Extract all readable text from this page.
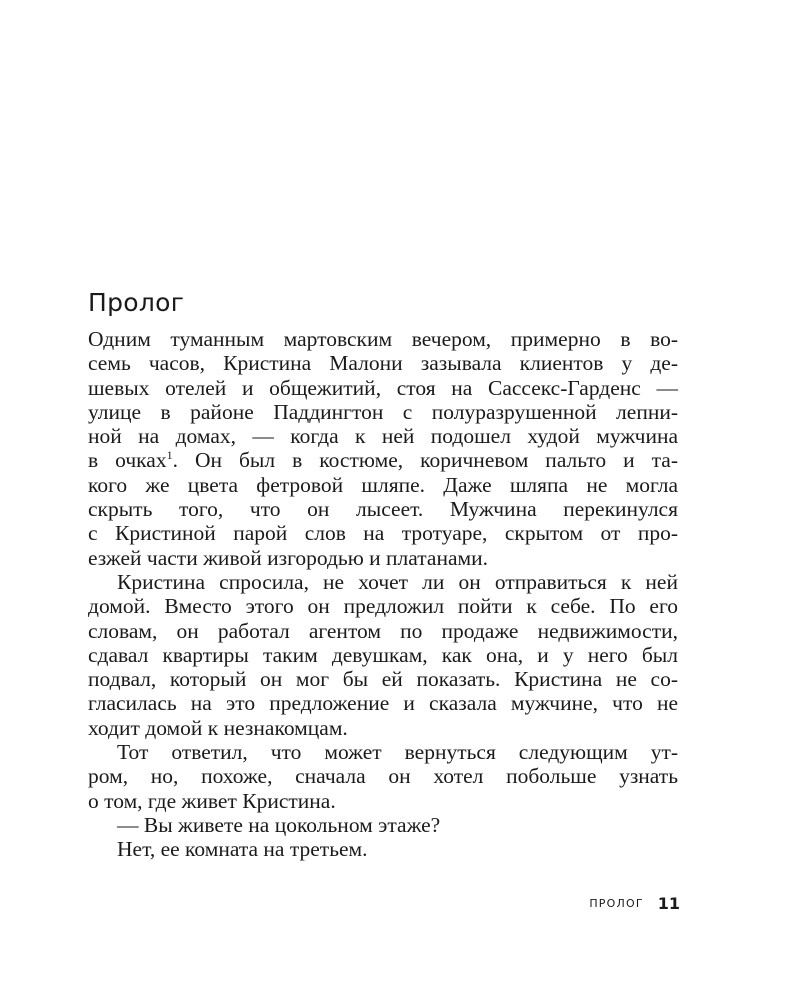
Пролог
Одним туманным мартовским вечером, примерно в во-
семь часов, Кристина Малони зазывала клиентов у де-
шевых отелей и общежитий, стоя на Сассекс-Гарденс —
улице в районе Паддингтон с полуразрушенной лепни-
ной на домах, — когда к ней подошел худой мужчина
в очках$^1$. Он был в костюме, коричневом пальто и та-
кого же цвета фетровой шляпе. Даже шляпа не могла
скрыть того, что он лысеет. Мужчина перекинулся
с Кристиной парой слов на тротуаре, скрытом от про-
езжей части живой изгородью и платанами.
Кристина спросила, не хочет ли он отправиться к ней
домой. Вместо этого он предложил пойти к себе. По его
словам, он работал агентом по продаже недвижимости,
сдавал квартиры таким девушкам, как она, и у него был
подвал, который он мог бы ей показать. Кристина не со-
гласилась на это предложение и сказала мужчине, что не
ходит домой к незнакомцам.
Тот ответил, что может вернуться следующим ут-
ром, но, похоже, сначала он хотел побольше узнать
о том, где живет Кристина.
— Вы живете на цокольном этаже?
Нет, ее комната на третьем.
ПРОЛОГ 11
